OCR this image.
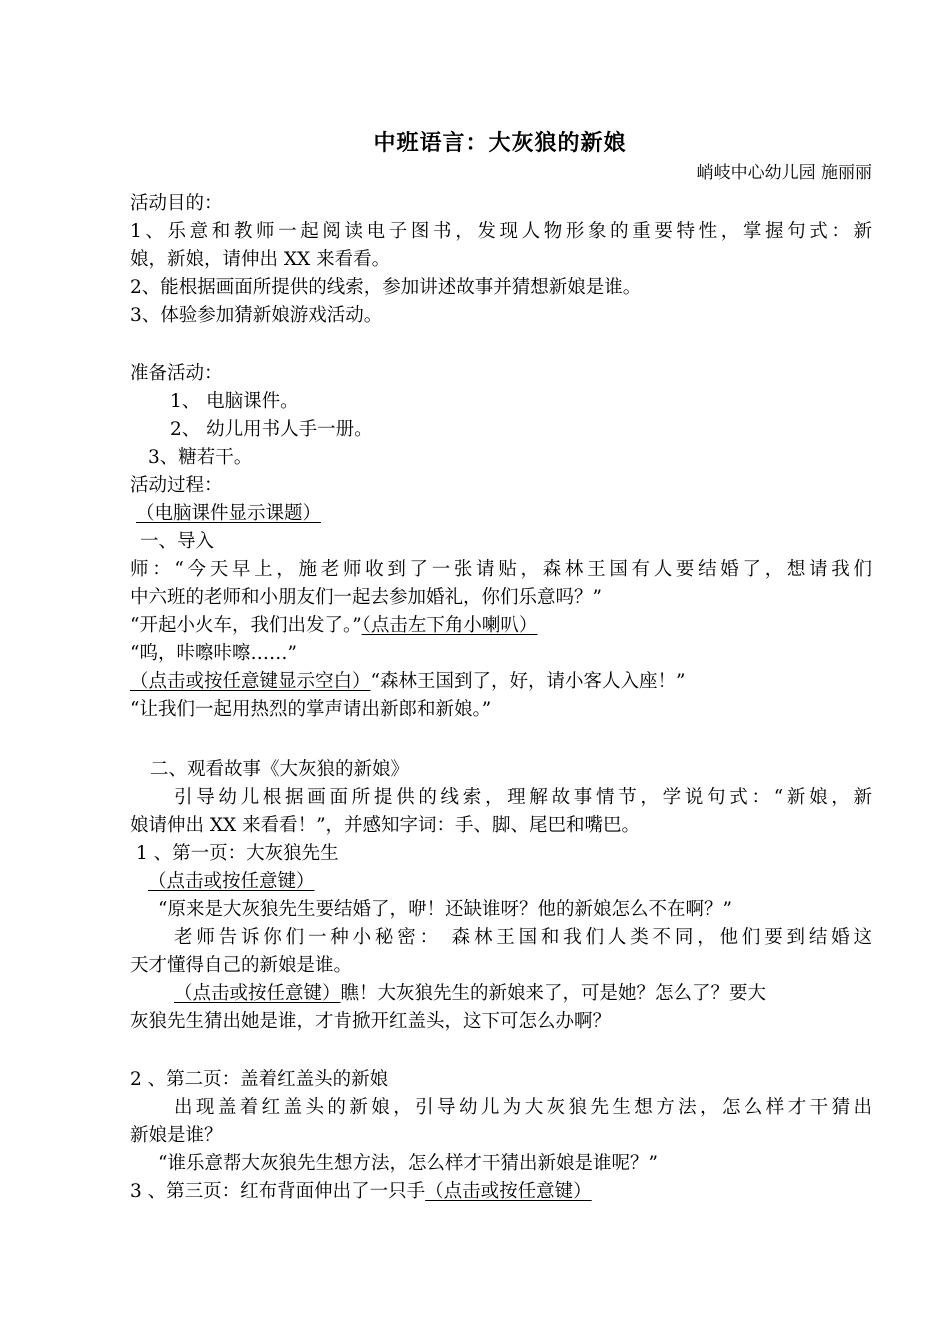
中班语言：大灰狼的新娘
峭岐中心幼儿园 施丽丽
活动目的：
1、乐意和教师一起阅读电子图书，发现人物形象的重要特性，掌握句式：新
娘，新娘，请伸出 XX 来看看。
2、能根据画面所提供的线索，参加讲述故事并猜想新娘是谁。
3、体验参加猜新娘游戏活动。
准备活动：
1、 电脑课件。
2、 幼儿用书人手一册。
3、糖若干。
活动过程：
（电脑课件显示课题）
一、导入
师：“今天早上，施老师收到了一张请贴，森林王国有人要结婚了，想请我们
中六班的老师和小朋友们一起去参加婚礼，你们乐意吗？”
“开起小火车，我们出发了。”（点击左下角小喇叭）
“呜，咔嚓咔嚓……”
（点击或按任意键显示空白）“森林王国到了，好，请小客人入座！”
“让我们一起用热烈的掌声请出新郎和新娘。”
二、观看故事《大灰狼的新娘》
引导幼儿根据画面所提供的线索，理解故事情节，学说句式：“新娘，新
娘请伸出 XX 来看看！”，并感知字词：手、脚、尾巴和嘴巴。
1 、第一页：大灰狼先生
（点击或按任意键）
“原来是大灰狼先生要结婚了，咿！还缺谁呀？他的新娘怎么不在啊？”
老师告诉你们一种小秘密： 森林王国和我们人类不同，他们要到结婚这
天才懂得自己的新娘是谁。
（点击或按任意键）瞧！大灰狼先生的新娘来了，可是她？怎么了？要大
灰狼先生猜出她是谁，才肯掀开红盖头，这下可怎么办啊？
2 、第二页：盖着红盖头的新娘
出现盖着红盖头的新娘，引导幼儿为大灰狼先生想方法，怎么样才干猜出
新娘是谁？
“谁乐意帮大灰狼先生想方法，怎么样才干猜出新娘是谁呢？”
3 、第三页：红布背面伸出了一只手（点击或按任意键）
